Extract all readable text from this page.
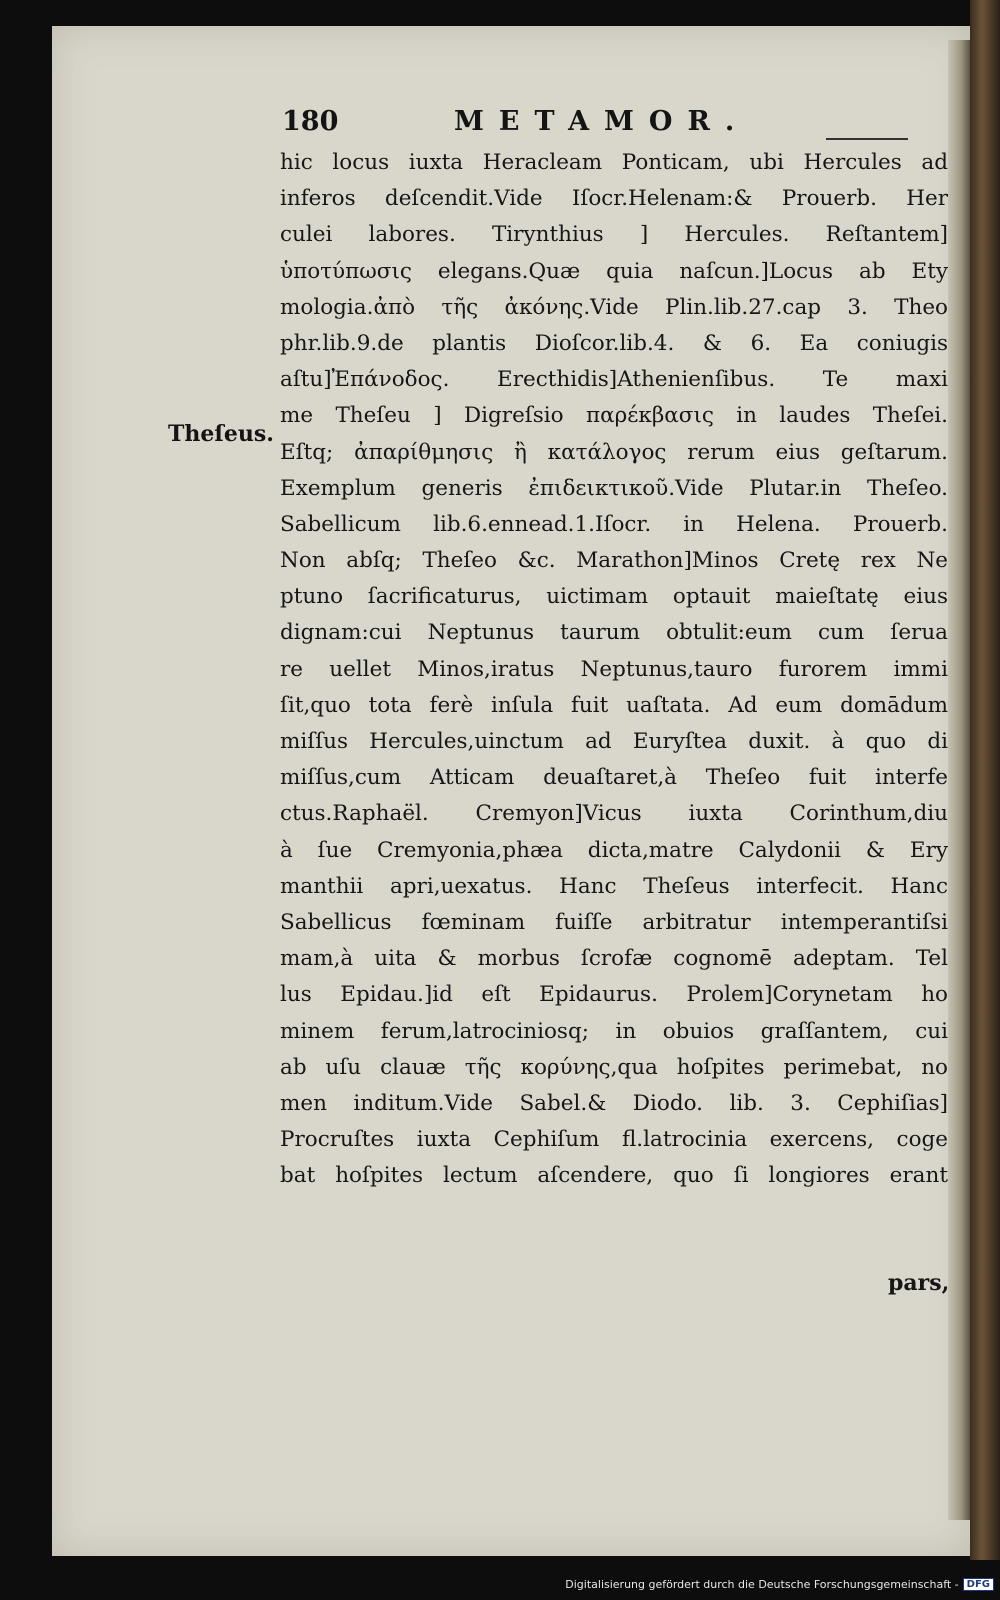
180	METAMOR.
Theſeus.
hic locus iuxta Heracleam Ponticam, ubi Hercules ad
inferos deſcendit.Vide Iſocr.Helenam:& Prouerb. Her
culei labores. Tirynthius ] Hercules. Reſtantem]
ὑποτύπωσις elegans.Quæ quia naſcun.]Locus ab Ety
mologia.ἀπὸ τῆς ἀκόνης.Vide Plin.lib.27.cap 3. Theo
phr.lib.9.de plantis Dioſcor.lib.4. & 6. Ea coniugis
aſtu]Ἐπάνοδος. Erecthidis]Athenienſibus. Te maxi
me Theſeu ] Digreſsio παρέκβασις in laudes Theſei.
Eſtq; ἀπαρίθμησις ἢ κατάλογος rerum eius geſtarum.
Exemplum generis ἐπιδεικτικοῦ.Vide Plutar.in Theſeo.
Sabellicum lib.6.ennead.1.Iſocr. in Helena. Prouerb.
Non abſq; Theſeo &c. Marathon]Minos Cretę rex Ne
ptuno ſacrificaturus, uictimam optauit maieſtatę eius
dignam:cui Neptunus taurum obtulit:eum cum ſerua
re uellet Minos,iratus Neptunus,tauro furorem immi
ſit,quo tota ferè inſula fuit uaſtata. Ad eum domādum
miſſus Hercules,uinctum ad Euryſtea duxit. à quo di
miſſus,cum Atticam deuaſtaret,à Theſeo fuit interfe
ctus.Raphaël. Cremyon]Vicus iuxta Corinthum,diu
à ſue Cremyonia,phæa dicta,matre Calydonii & Ery
manthii apri,uexatus. Hanc Theſeus interfecit. Hanc
Sabellicus fœminam fuiſſe arbitratur intemperantiſsi
mam,à uita & morbus ſcrofæ cognomē adeptam. Tel
lus Epidau.]id eſt Epidaurus. Prolem]Corynetam ho
minem ferum,latrociniosq; in obuios graſſantem, cui
ab uſu clauæ τῆς κορύνης,qua hoſpites perimebat, no
men inditum.Vide Sabel.& Diodo. lib. 3. Cephiſias]
Procruſtes iuxta Cephiſum fl.latrocinia exercens, coge
bat hoſpites lectum aſcendere, quo ſi longiores erant
pars,
Digitalisierung gefördert durch die Deutsche Forschungsgemeinschaft - DFG
